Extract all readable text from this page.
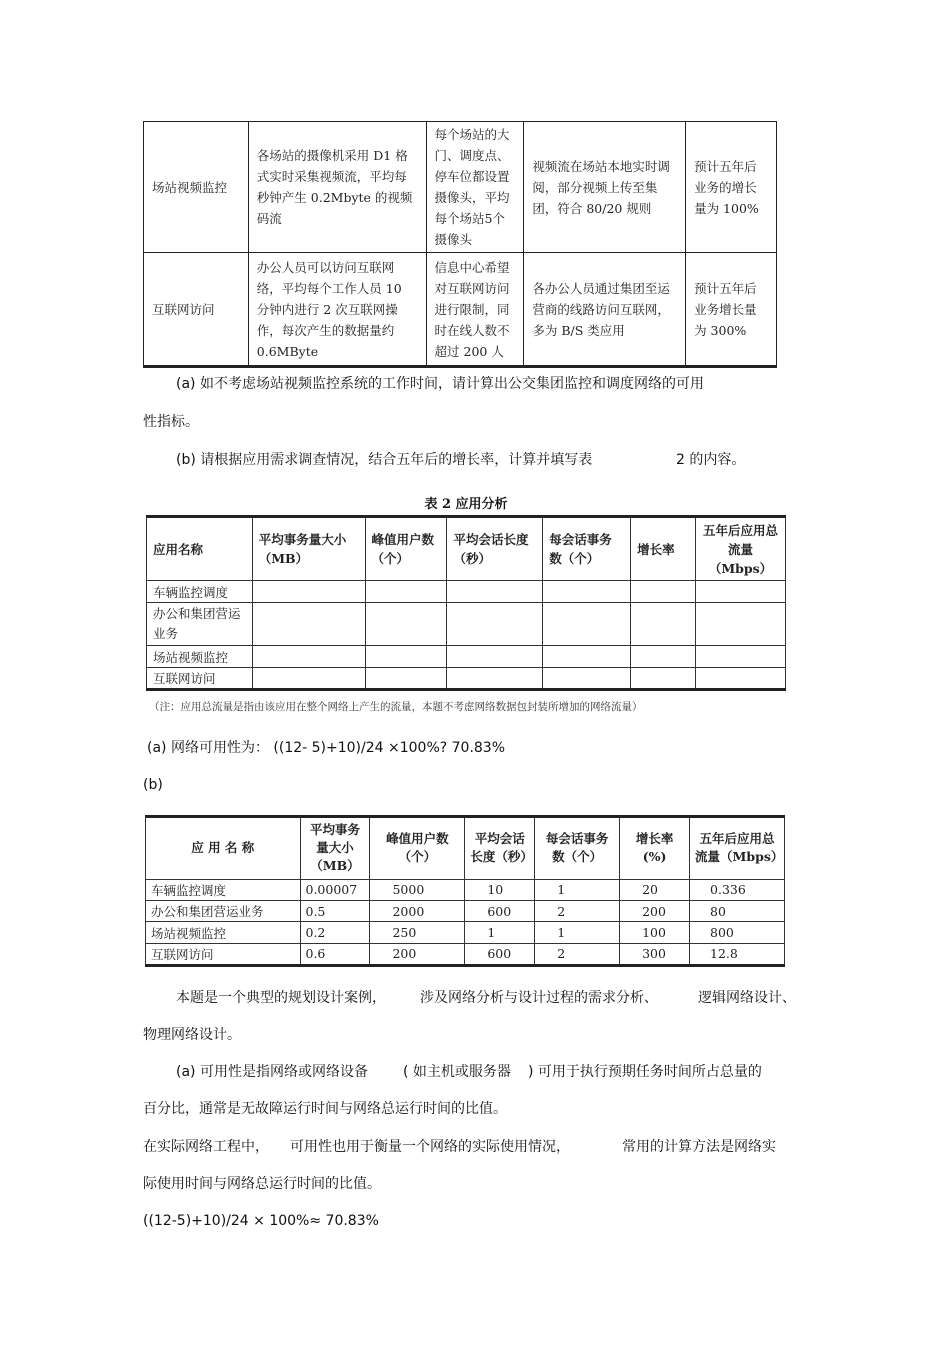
场站视频监控	各场站的摄像机采用 D1 格式实时采集视频流，平均每秒钟产生 0.2Mbyte 的视频码流	每个场站的大门、调度点、停车位都设置摄像头，平均每个场站5个摄像头	视频流在场站本地实时调阅，部分视频上传至集团，符合 80/20 规则	预计五年后业务的增长量为 100%
互联网访问	办公人员可以访问互联网络，平均每个工作人员 10 分钟内进行 2 次互联网操作，每次产生的数据量约 0.6MByte	信息中心希望对互联网访问进行限制，同时在线人数不超过 200 人	各办公人员通过集团至运营商的线路访问互联网，多为 B/S 类应用	预计五年后业务增长量为 300%
(a) 如不考虑场站视频监控系统的工作时间，请计算出公交集团监控和调度网络的可用
性指标。
(b) 请根据应用需求调查情况，结合五年后的增长率，计算并填写表	2 的内容。
表 2 应用分析
应用名称	平均事务量大小（MB）	峰值用户数（个）	平均会话长度（秒）	每会话事务数（个）	增长率	五年后应用总流量（Mbps）
车辆监控调度						
办公和集团营运业务						
场站视频监控						
互联网访问						
（注：应用总流量是指由该应用在整个网络上产生的流量，本题不考虑网络数据包封装所增加的网络流量）
(a) 网络可用性为： ((12- 5)+10)/24 ×100%? 70.83%
(b)
应 用 名 称	平均事务量大小（MB）	峰值用户数（个）	平均会话长度（秒）	每会话事务数（个）	增长率(%)	五年后应用总流量（Mbps）
车辆监控调度	0.00007	5000	10	1	20	0.336
办公和集团营运业务	0.5	2000	600	2	200	80
场站视频监控	0.2	250	1	1	100	800
互联网访问	0.6	200	600	2	300	12.8
本题是一个典型的规划设计案例， 涉及网络分析与设计过程的需求分析、	逻辑网络设计、
物理网络设计。
(a) 可用性是指网络或网络设备	( 如主机或服务器 ) 可用于执行预期任务时间所占总量的
百分比，通常是无故障运行时间与网络总运行时间的比值。
在实际网络工程中， 可用性也用于衡量一个网络的实际使用情况，	常用的计算方法是网络实
际使用时间与网络总运行时间的比值。
((12-5)+10)/24 × 100%≈ 70.83%
